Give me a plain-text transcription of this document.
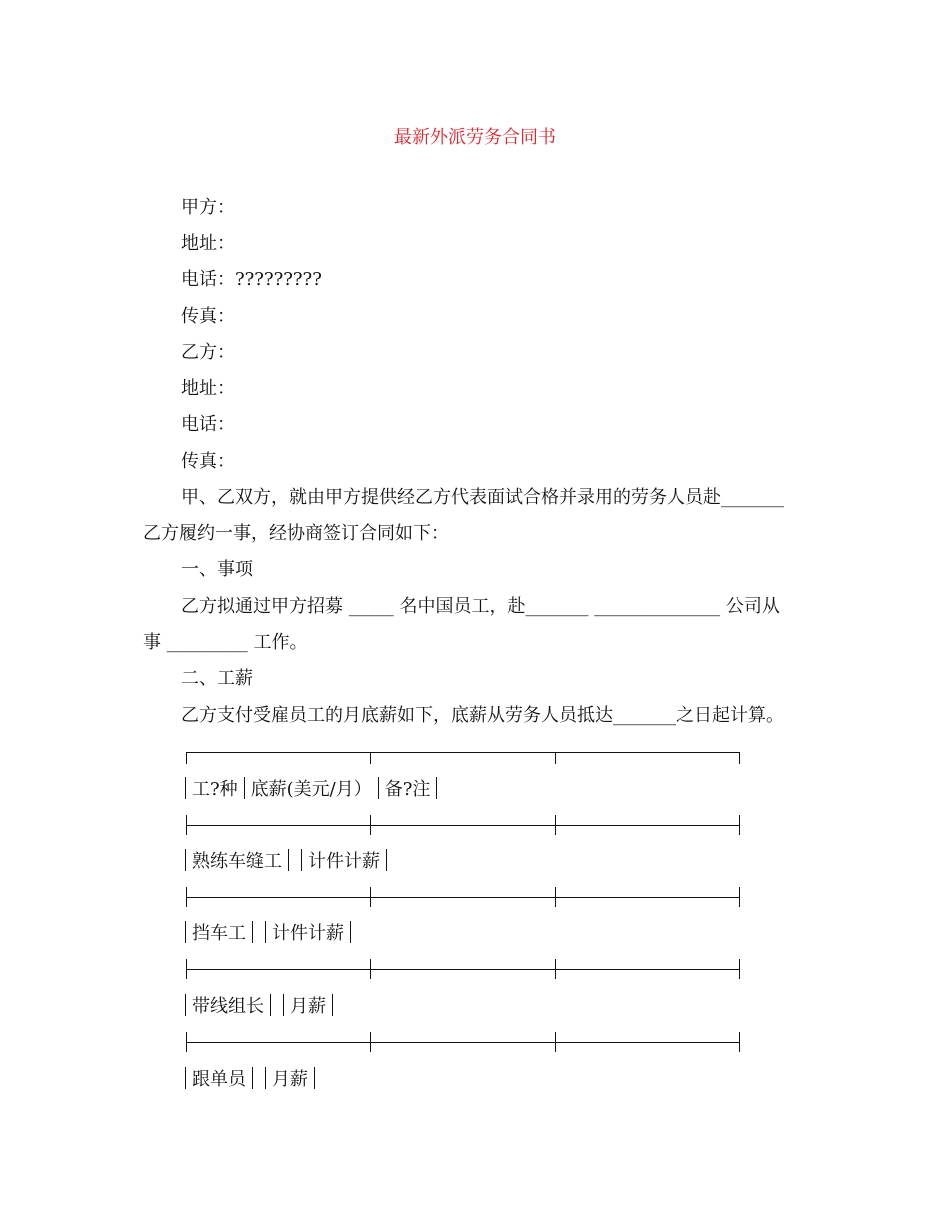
最新外派劳务合同书
甲方：
地址：
电话：?????????
传真：
乙方：
地址：
电话：
传真：
甲、乙双方，就由甲方提供经乙方代表面试合格并录用的劳务人员赴_______
乙方履约一事，经协商签订合同如下：
一、事项
乙方拟通过甲方招募 _____ 名中国员工，赴_______ ______________ 公司从
事 _________ 工作。
二、工薪
乙方支付受雇员工的月底薪如下，底薪从劳务人员抵达_______之日起计算。
工?种 底薪(美元/月） 备?注
熟练车缝工 计件计薪
挡车工 计件计薪
带线组长 月薪
跟单员 月薪
